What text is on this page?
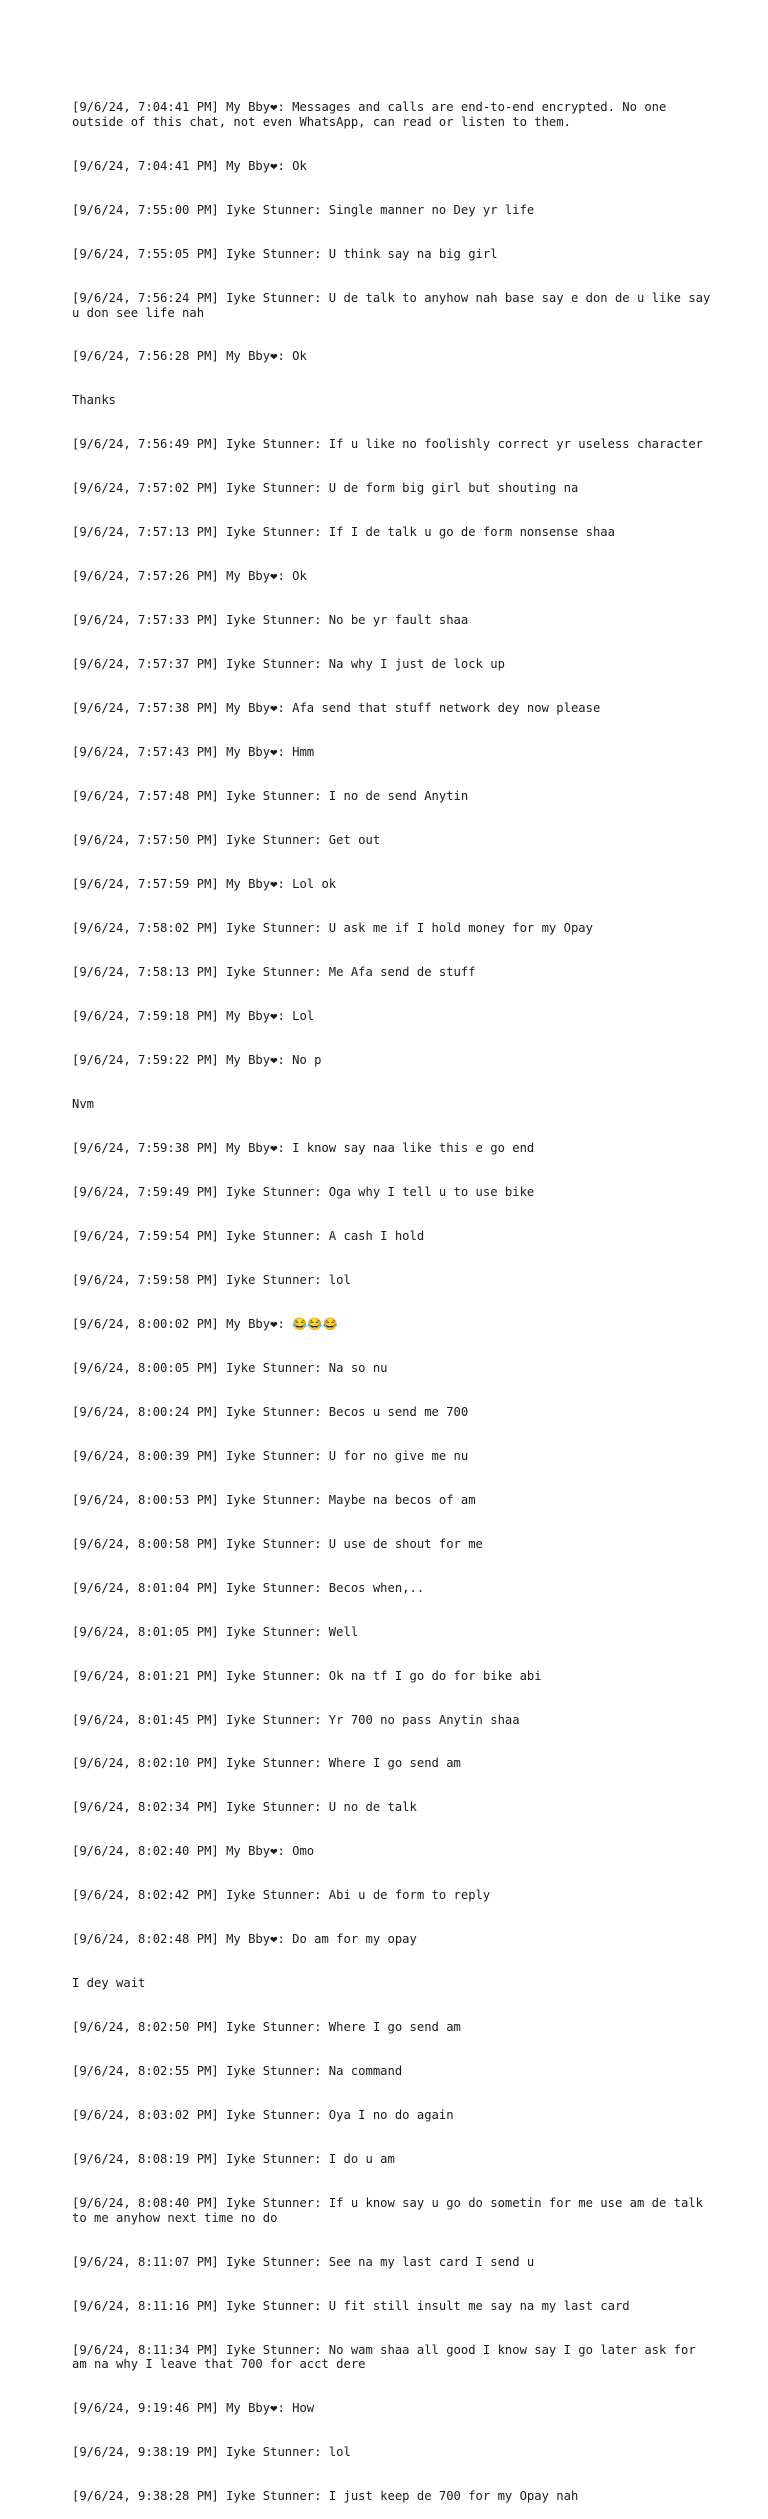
[9/6/24, 7:04:41 PM] My Bby❤: Messages and calls are end-to-end encrypted. No one outside of this chat, not even WhatsApp, can read or listen to them.

[9/6/24, 7:04:41 PM] My Bby❤: Ok

[9/6/24, 7:55:00 PM] Iyke Stunner: Single manner no Dey yr life

[9/6/24, 7:55:05 PM] Iyke Stunner: U think say na big girl

[9/6/24, 7:56:24 PM] Iyke Stunner: U de talk to anyhow nah base say e don de u like say u don see life nah

[9/6/24, 7:56:28 PM] My Bby❤: Ok

Thanks

[9/6/24, 7:56:49 PM] Iyke Stunner: If u like no foolishly correct yr useless character

[9/6/24, 7:57:02 PM] Iyke Stunner: U de form big girl but shouting na

[9/6/24, 7:57:13 PM] Iyke Stunner: If I de talk u go de form nonsense shaa

[9/6/24, 7:57:26 PM] My Bby❤: Ok

[9/6/24, 7:57:33 PM] Iyke Stunner: No be yr fault shaa

[9/6/24, 7:57:37 PM] Iyke Stunner: Na why I just de lock up

[9/6/24, 7:57:38 PM] My Bby❤: Afa send that stuff network dey now please

[9/6/24, 7:57:43 PM] My Bby❤: Hmm

[9/6/24, 7:57:48 PM] Iyke Stunner: I no de send Anytin

[9/6/24, 7:57:50 PM] Iyke Stunner: Get out

[9/6/24, 7:57:59 PM] My Bby❤: Lol ok

[9/6/24, 7:58:02 PM] Iyke Stunner: U ask me if I hold money for my Opay

[9/6/24, 7:58:13 PM] Iyke Stunner: Me Afa send de stuff

[9/6/24, 7:59:18 PM] My Bby❤: Lol

[9/6/24, 7:59:22 PM] My Bby❤: No p

Nvm

[9/6/24, 7:59:38 PM] My Bby❤: I know say naa like this e go end

[9/6/24, 7:59:49 PM] Iyke Stunner: Oga why I tell u to use bike

[9/6/24, 7:59:54 PM] Iyke Stunner: A cash I hold

[9/6/24, 7:59:58 PM] Iyke Stunner: lol

[9/6/24, 8:00:02 PM] My Bby❤: 😂😂😂

[9/6/24, 8:00:05 PM] Iyke Stunner: Na so nu

[9/6/24, 8:00:24 PM] Iyke Stunner: Becos u send me 700

[9/6/24, 8:00:39 PM] Iyke Stunner: U for no give me nu

[9/6/24, 8:00:53 PM] Iyke Stunner: Maybe na becos of am

[9/6/24, 8:00:58 PM] Iyke Stunner: U use de shout for me

[9/6/24, 8:01:04 PM] Iyke Stunner: Becos when,..

[9/6/24, 8:01:05 PM] Iyke Stunner: Well

[9/6/24, 8:01:21 PM] Iyke Stunner: Ok na tf I go do for bike abi

[9/6/24, 8:01:45 PM] Iyke Stunner: Yr 700 no pass Anytin shaa

[9/6/24, 8:02:10 PM] Iyke Stunner: Where I go send am

[9/6/24, 8:02:34 PM] Iyke Stunner: U no de talk

[9/6/24, 8:02:40 PM] My Bby❤: Omo

[9/6/24, 8:02:42 PM] Iyke Stunner: Abi u de form to reply

[9/6/24, 8:02:48 PM] My Bby❤: Do am for my opay

I dey wait

[9/6/24, 8:02:50 PM] Iyke Stunner: Where I go send am

[9/6/24, 8:02:55 PM] Iyke Stunner: Na command

[9/6/24, 8:03:02 PM] Iyke Stunner: Oya I no do again

[9/6/24, 8:08:19 PM] Iyke Stunner: I do u am

[9/6/24, 8:08:40 PM] Iyke Stunner: If u know say u go do sometin for me use am de talk to me anyhow next time no do

[9/6/24, 8:11:07 PM] Iyke Stunner: See na my last card I send u

[9/6/24, 8:11:16 PM] Iyke Stunner: U fit still insult me say na my last card

[9/6/24, 8:11:34 PM] Iyke Stunner: No wam shaa all good I know say I go later ask for am na why I leave that 700 for acct dere

[9/6/24, 9:19:46 PM] My Bby❤: How

[9/6/24, 9:38:19 PM] Iyke Stunner: lol

[9/6/24, 9:38:28 PM] Iyke Stunner: I just keep de 700 for my Opay nah
